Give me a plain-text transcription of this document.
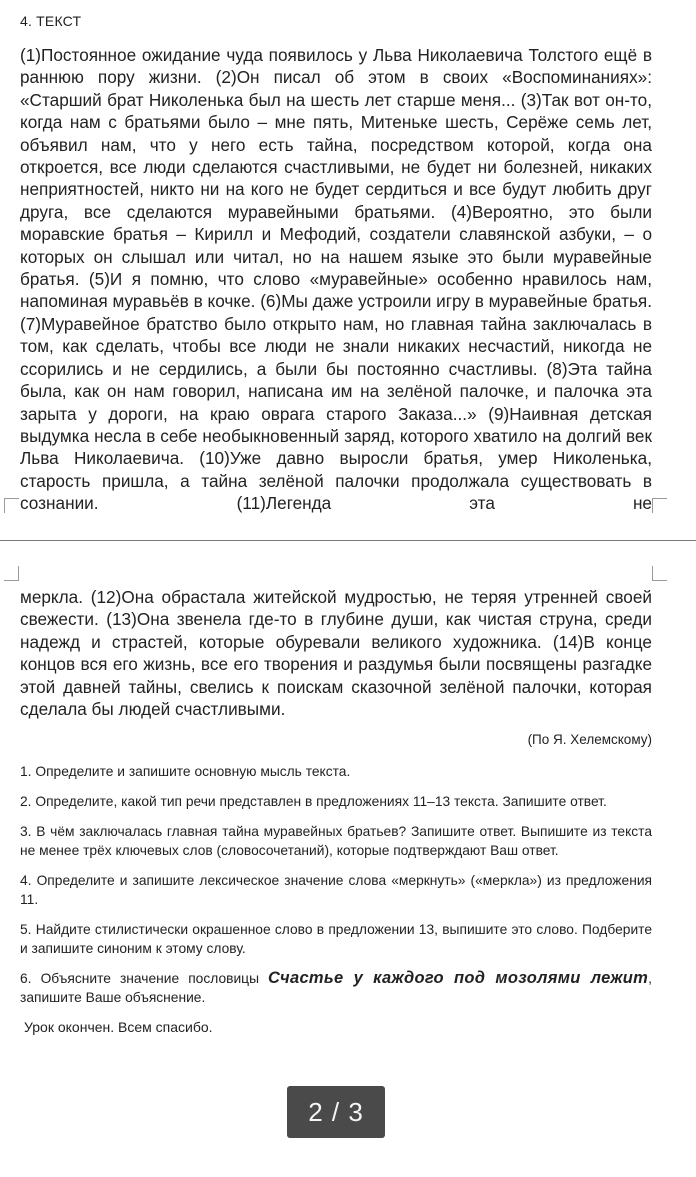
4. ТЕКСТ
(1)Постоянное ожидание чуда появилось у Льва Николаевича Толстого ещё в раннюю пору жизни. (2)Он писал об этом в своих «Воспоминаниях»: «Старший брат Николенька был на шесть лет старше меня... (3)Так вот он-то, когда нам с братьями было – мне пять, Митеньке шесть, Серёже семь лет, объявил нам, что у него есть тайна, посредством которой, когда она откроется, все люди сделаются счастливыми, не будет ни болезней, никаких неприятностей, никто ни на кого не будет сердиться и все будут любить друг друга, все сделаются муравейными братьями. (4)Вероятно, это были моравские братья – Кирилл и Мефодий, создатели славянской азбуки, – о которых он слышал или читал, но на нашем языке это были муравейные братья. (5)И я помню, что слово «муравейные» особенно нравилось нам, напоминая муравьёв в кочке. (6)Мы даже устроили игру в муравейные братья. (7)Муравейное братство было открыто нам, но главная тайна заключалась в том, как сделать, чтобы все люди не знали никаких несчастий, никогда не ссорились и не сердились, а были бы постоянно счастливы. (8)Эта тайна была, как он нам говорил, написана им на зелёной палочке, и палочка эта зарыта у дороги, на краю оврага старого Заказа...» (9)Наивная детская выдумка несла в себе необыкновенный заряд, которого хватило на долгий век Льва Николаевича. (10)Уже давно выросли братья, умер Николенька, старость пришла, а тайна зелёной палочки продолжала существовать в сознании. (11)Легенда эта не
меркла. (12)Она обрастала житейской мудростью, не теряя утренней своей свежести. (13)Она звенела где-то в глубине души, как чистая струна, среди надежд и страстей, которые обуревали великого художника. (14)В конце концов вся его жизнь, все его творения и раздумья были посвящены разгадке этой давней тайны, свелись к поискам сказочной зелёной палочки, которая сделала бы людей счастливыми.
(По Я. Хелемскому)
1. Определите и запишите основную мысль текста.
2. Определите, какой тип речи представлен в предложениях 11–13 текста. Запишите ответ.
3. В чём заключалась главная тайна муравейных братьев? Запишите ответ. Выпишите из текста не менее трёх ключевых слов (словосочетаний), которые подтверждают Ваш ответ.
4. Определите и запишите лексическое значение слова «меркнуть» («меркла») из предложения 11.
5. Найдите стилистически окрашенное слово в предложении 13, выпишите это слово. Подберите и запишите синоним к этому слову.
6. Объясните значение пословицы Счастье у каждого под мозолями лежит, запишите Ваше объяснение.
Урок окончен. Всем спасибо.
2 / 3
